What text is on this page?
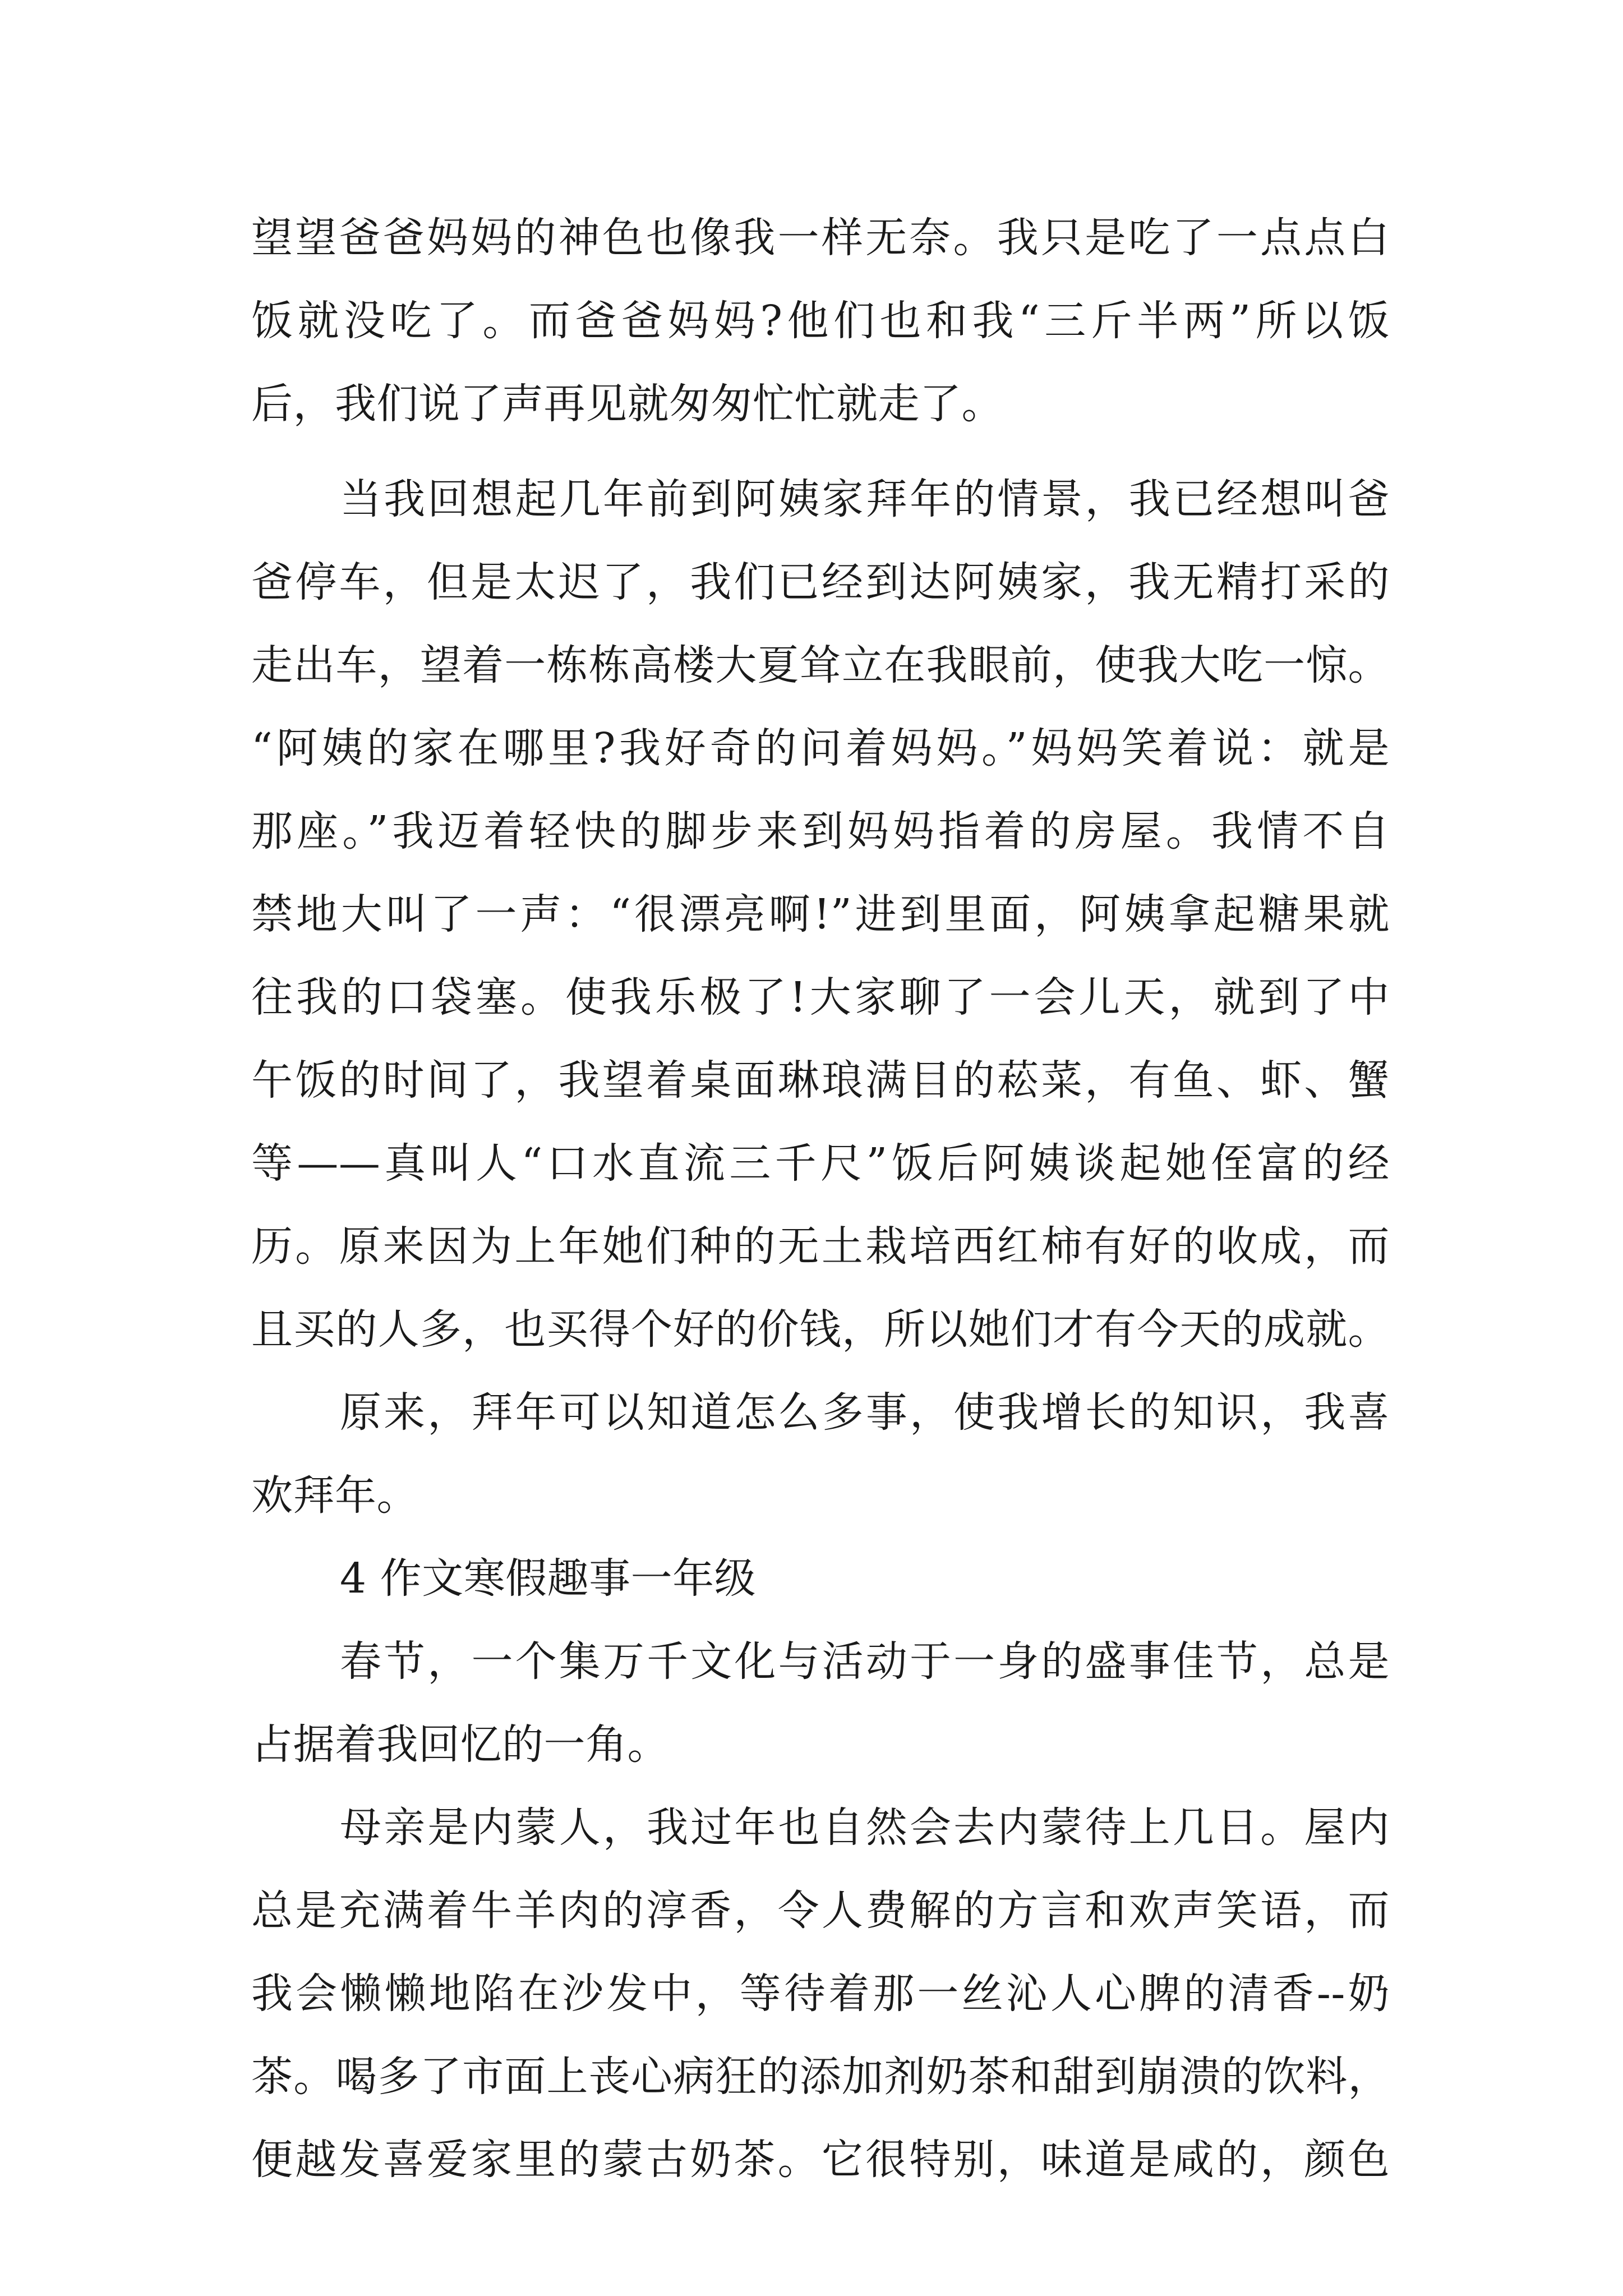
望望爸爸妈妈的神色也像我一样无奈。我只是吃了一点点白
饭就没吃了。而爸爸妈妈?他们也和我“三斤半两”所以饭
后，我们说了声再见就匆匆忙忙就走了。
当我回想起几年前到阿姨家拜年的情景，我已经想叫爸
爸停车，但是太迟了，我们已经到达阿姨家，我无精打采的
走出车，望着一栋栋高楼大夏耸立在我眼前，使我大吃一惊。
“阿姨的家在哪里?我好奇的问着妈妈。”妈妈笑着说：就是
那座。”我迈着轻快的脚步来到妈妈指着的房屋。我情不自
禁地大叫了一声：“很漂亮啊!”进到里面，阿姨拿起糖果就
往我的口袋塞。使我乐极了!大家聊了一会儿天，就到了中
午饭的时间了，我望着桌面琳琅满目的菘菜，有鱼、虾、蟹
等——真叫人“口水直流三千尺”饭后阿姨谈起她侄富的经
历。原来因为上年她们种的无土栽培西红柿有好的收成，而
且买的人多，也买得个好的价钱，所以她们才有今天的成就。
原来，拜年可以知道怎么多事，使我增长的知识，我喜
欢拜年。
4 作文寒假趣事一年级
春节，一个集万千文化与活动于一身的盛事佳节，总是
占据着我回忆的一角。
母亲是内蒙人，我过年也自然会去内蒙待上几日。屋内
总是充满着牛羊肉的淳香，令人费解的方言和欢声笑语，而
我会懒懒地陷在沙发中，等待着那一丝沁人心脾的清香--奶
茶。喝多了市面上丧心病狂的添加剂奶茶和甜到崩溃的饮料，
便越发喜爱家里的蒙古奶茶。它很特别，味道是咸的，颜色
